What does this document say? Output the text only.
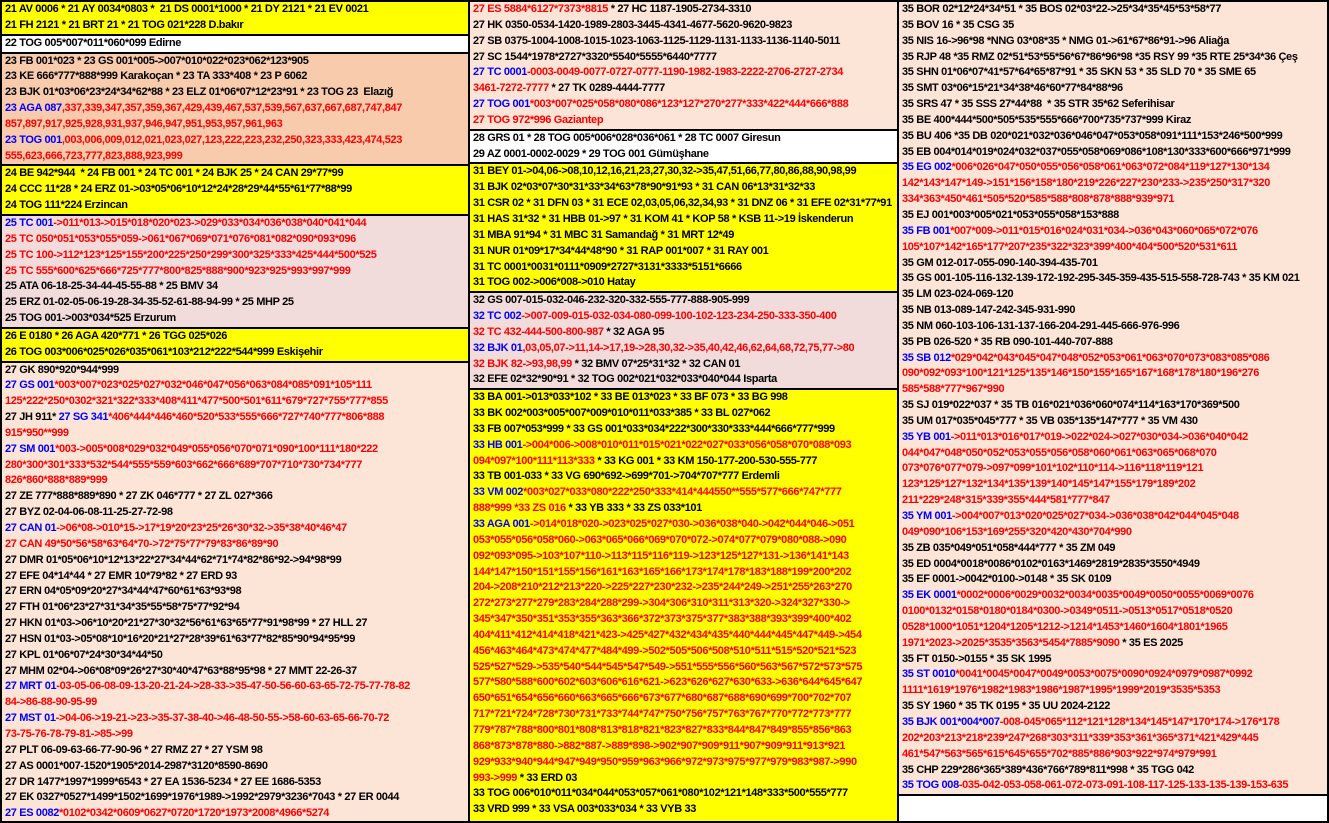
21 AV 0006 * 21 AY 0034*0803 *  21 DS 0001*1000 * 21 DY 2121 * 21 EV 0021
21 FH 2121 * 21 BRT 21 * 21 TOG 021*228 D.bakır
22 TOG 005*007*011*060*099 Edirne
23 FB 001*023 * 23 GS 001*005->007*010*022*023*062*123*905
23 KE 666*777*888*999 Karakoçan * 23 TA 333*408 * 23 P 6062
23 BJK 01*03*06*23*24*34*62*88 * 23 ELZ 01*06*07*12*23*91 * 23 TOG 23  Elazığ
23 AGA 087,337,339,347,357,359,367,429,439,467,537,539,567,637,667,687,747,847
857,897,917,925,928,931,937,946,947,951,953,957,961,963
23 TOG 001,003,006,009,012,021,023,027,123,222,223,232,250,323,333,423,474,523
555,623,666,723,777,823,888,923,999
24 BE 942*944  * 24 FB 001 * 24 TC 001 * 24 BJK 25 * 24 CAN 29*77*99
24 CCC 11*28 * 24 ERZ 01->03*05*06*10*12*24*28*29*44*55*61*77*88*99
24 TOG 111*224 Erzincan
25 TC 001->011*013->015*018*020*023->029*033*034*036*038*040*041*044
25 TC 050*051*053*055*059->061*067*069*071*076*081*082*090*093*096
25 TC 100->112*123*125*155*200*225*250*299*300*325*333*425*444*500*525
25 TC 555*600*625*666*725*777*800*825*888*900*923*925*993*997*999
25 ATA 06-18-25-34-44-45-55-88 * 25 BMV 34
25 ERZ 01-02-05-06-19-28-34-35-52-61-88-94-99 * 25 MHP 25
25 TOG 001->003*034*525 Erzurum
26 E 0180 * 26 AGA 420*771 * 26 TGG 025*026
26 TOG 003*006*025*026*035*061*103*212*222*544*999 Eskişehir
27 GK 890*920*944*999
27 GS 001*003*007*023*025*027*032*046*047*056*063*084*085*091*105*111
125*222*250*0302*321*322*333*408*411*477*500*501*611*679*727*755*777*855
27 JH 911* 27 SG 341*406*444*446*460*520*533*555*666*727*740*777*806*888
915*950**999
27 SM 001*003->005*008*029*032*049*055*056*070*071*090*100*111*180*222
280*300*301*333*532*544*555*559*603*662*666*689*707*710*730*734*777
826*860*888*889*999
27 ZE 777*888*889*890 * 27 ZK 046*777 * 27 ZL 027*366
27 BYZ 02-04-06-08-11-25-27-72-98
27 CAN 01->06*08->010*15->17*19*20*23*25*26*30*32->35*38*40*46*47
27 CAN 49*50*56*58*63*64*70->72*75*77*79*83*86*89*90
27 DMR 01*05*06*10*12*13*22*27*34*44*62*71*74*82*86*92->94*98*99
27 EFE 04*14*44 * 27 EMR 10*79*82 * 27 ERD 93
27 ERN 04*05*09*20*27*34*44*47*60*61*63*93*98
27 FTH 01*06*23*27*31*34*35*55*58*75*77*92*94
27 HKN 01*03->06*10*20*21*27*30*32*56*61*63*65*77*91*98*99 * 27 HLL 27
27 HSN 01*03->05*08*10*16*20*21*27*28*39*61*63*77*82*85*90*94*95*99
27 KPL 01*06*07*24*30*34*44*50
27 MHM 02*04->06*08*09*26*27*30*40*47*63*88*95*98 * 27 MMT 22-26-37
27 MRT 01-03-05-06-08-09-13-20-21-24->28-33->35-47-50-56-60-63-65-72-75-77-78-82
84->86-88-90-95-99
27 MST 01->04-06->19-21->23->35-37-38-40->46-48-50-55->58-60-63-65-66-70-72
73-75-76-78-79-81->85->99
27 PLT 06-09-63-66-77-90-96 * 27 RMZ 27 * 27 YSM 98
27 AS 0001*007-1520*1905*2014-2987*3120*8590-8690
27 DR 1477*1997*1999*6543 * 27 EA 1536-5234 * 27 EE 1686-5353
27 EK 0327*0527*1499*1502*1699*1976*1989->1992*2979*3236*7043 * 27 ER 0044
27 ES 0082*0102*0342*0609*0627*0720*1720*1973*2008*4966*5274
27 ES 5884*6127*7373*8815 * 27 HC 1187-1905-2734-3310
27 HK 0350-0534-1420-1989-2803-3445-4341-4677-5620-9620-9823
27 SB 0375-1004-1008-1015-1023-1063-1125-1129-1131-1133-1136-1140-5011
27 SC 1544*1978*2727*3320*5540*5555*6440*7777
27 TC 0001-0003-0049-0077-0727-0777-1190-1982-1983-2222-2706-2727-2734
3461-7272-7777 * 27 TK 0289-4444-7777
27 TOG 001*003*007*025*058*080*086*123*127*270*277*333*422*444*666*888
27 TOG 972*996 Gaziantep
28 GRS 01 * 28 TOG 005*006*028*036*061 * 28 TC 0007 Giresun
29 AZ 0001-0002-0029 * 29 TOG 001 Gümüşhane
31 BEY 01->04,06->08,10,12,16,21,23,27,30,32->35,47,51,66,77,80,86,88,90,98,99
31 BJK 02*03*07*30*31*33*34*63*78*90*91*93 * 31 CAN 06*13*31*32*33
31 CSR 02 * 31 DFN 03 * 31 ECE 02,03,05,06,32,34,93 * 31 DNZ 06 * 31 EFE 02*31*77*91
31 HAS 31*32 * 31 HBB 01->97 * 31 KOM 41 * KOP 58 * KSB 11->19 İskenderun
31 MBA 91*94 * 31 MBC 31 Samandağ * 31 MRT 12*49
31 NUR 01*09*17*34*44*48*90 * 31 RAP 001*007 * 31 RAY 001
31 TC 0001*0031*0111*0909*2727*3131*3333*5151*6666
31 TOG 002->006*008->010 Hatay
32 GS 007-015-032-046-232-320-332-555-777-888-905-999
32 TC 002->007-009-015-032-034-080-099-100-102-123-234-250-333-350-400
32 TC 432-444-500-800-987 * 32 AGA 95
32 BJK 01,03,05,07->11,14->17,19->28,30,32->35,40,42,46,62,64,68,72,75,77->80
32 BJK 82->93,98,99 * 32 BMV 07*25*31*32 * 32 CAN 01
32 EFE 02*32*90*91 * 32 TOG 002*021*032*033*040*044 Isparta
33 BA 001->013*033*102 * 33 BE 013*023 * 33 BF 073 * 33 BG 998
33 BK 002*003*005*007*009*010*011*033*385 * 33 BL 027*062
33 FB 007*053*999 * 33 GS 001*033*034*222*300*330*333*444*666*777*999
33 HB 001->004*006->008*010*011*015*021*022*027*033*056*058*070*088*093
094*097*100*111*113*333 * 33 KG 001 * 33 KM 150-177-200-530-555-777
33 TB 001-033 * 33 VG 690*692->699*701->704*707*777 Erdemli
33 VM 002*003*027*033*080*222*250*333*414*444550**555*577*666*747*777
888*999 *33 ZS 016 * 33 YB 333 * 33 ZS 033*101
33 AGA 001->014*018*020->023*025*027*030->036*038*040->042*044*046->051
053*055*056*058*060->063*065*066*069*070*072->074*077*079*080*088->090
092*093*095->103*107*110->113*115*116*119->123*125*127*131->136*141*143
144*147*150*151*155*156*161*163*165*166*173*174*178*183*188*199*200*202
204->208*210*212*213*220->225*227*230*232->235*244*249->251*255*263*270
272*273*277*279*283*284*288*299->304*306*310*311*313*320->324*327*330->
345*347*350*351*353*355*363*366*372*373*375*377*383*388*393*399*400*402
404*411*412*414*418*421*423->425*427*432*434*435*440*444*445*447*449->454
456*463*464*473*474*477*484*499->502*505*506*508*510*511*515*520*521*523
525*527*529->535*540*544*545*547*549->551*555*556*560*563*567*572*573*575
577*580*588*600*602*603*606*616*621->623*626*627*630*633->636*644*645*647
650*651*654*656*660*663*665*666*673*677*680*687*688*690*699*700*702*707
717*721*724*728*730*731*733*744*747*750*756*757*763*767*770*772*773*777
779*787*788*800*801*808*813*818*821*823*827*833*844*847*849*855*856*863
868*873*878*880->882*887->889*898->902*907*909*911*907*909*911*913*921
929*933*940*944*947*949*950*959*963*966*972*973*975*977*979*983*987->990
993->999 * 33 ERD 03
33 TOG 006*010*011*034*044*053*057*061*080*102*121*148*333*500*555*777
33 VRD 999 * 33 VSA 003*033*034 * 33 VYB 33
35 BOR 02*12*24*34*51 * 35 BOS 02*03*22->25*34*35*45*53*58*77
35 BOV 16 * 35 CSG 35
35 NIS 16->96*98 *NNG 03*08*35 * NMG 01->61*67*86*91->96 Aliağa
35 RJP 48 *35 RMZ 02*51*53*55*56*67*86*96*98 *35 RSY 99 *35 RTE 25*34*36 Çeş
35 SHN 01*06*07*41*57*64*65*87*91 * 35 SKN 53 * 35 SLD 70 * 35 SME 65
35 SMT 03*06*15*21*34*38*46*60*77*84*88*96
35 SRS 47 * 35 SSS 27*44*88  * 35 STR 35*62 Seferihisar
35 BE 400*444*500*505*535*555*666*700*735*737*999 Kiraz
35 BU 406 *35 DB 020*021*032*036*046*047*053*058*091*111*153*246*500*999
35 EB 004*014*019*024*032*037*055*058*069*086*108*130*333*600*666*971*999
35 EG 002*006*026*047*050*055*056*058*061*063*072*084*119*127*130*134
142*143*147*149->151*156*158*180*219*226*227*230*233->235*250*317*320
334*363*450*461*505*520*585*588*808*878*888*939*971
35 EJ 001*003*005*021*053*055*058*153*888
35 FB 001*007*009->011*015*016*024*031*034->036*043*060*065*072*076
105*107*142*165*177*207*235*322*323*399*400*404*500*520*531*611
35 GM 012-017-055-090-140-394-435-701
35 GS 001-105-116-132-139-172-192-295-345-359-435-515-558-728-743 * 35 KM 021
35 LM 023-024-069-120
35 NB 013-089-147-242-345-931-990
35 NM 060-103-106-131-137-166-204-291-445-666-976-996
35 PB 026-520 * 35 RB 090-101-440-707-888
35 SB 012*029*042*043*045*047*048*052*053*061*063*070*073*083*085*086
090*092*093*100*121*125*135*146*150*155*165*167*168*178*180*196*276
585*588*777*967*990
35 SJ 019*022*037 * 35 TB 016*021*036*060*074*114*163*170*369*500
35 UM 017*035*045*777 * 35 VB 035*135*147*777 * 35 VM 430
35 YB 001->011*013*016*017*019->022*024->027*030*034->036*040*042
044*047*048*050*052*053*055*056*058*060*061*063*065*068*070
073*076*077*079->097*099*101*102*110*114->116*118*119*121
123*125*127*132*134*135*139*140*145*147*155*179*189*202
211*229*248*315*339*355*444*581*777*847
35 YM 001->004*007*013*020*025*027*034->036*038*042*044*045*048
049*090*106*153*169*255*320*420*430*704*990
35 ZB 035*049*051*058*444*777 * 35 ZM 049
35 ED 0004*0018*0086*0102*0163*1469*2819*2835*3550*4949
35 EF 0001->0042*0100->0148 * 35 SK 0109
35 EK 0001*0002*0006*0029*0032*0034*0035*0049*0050*0055*0069*0076
0100*0132*0158*0180*0184*0300->0349*0511->0513*0517*0518*0520
0528*1000*1051*1204*1205*1212->1214*1453*1460*1604*1801*1965
1971*2023->2025*3535*3563*5454*7885*9090 * 35 ES 2025
35 FT 0150->0155 * 35 SK 1995
35 ST 0010*0041*0045*0047*0049*0053*0075*0090*0924*0979*0987*0992
1111*1619*1976*1982*1983*1986*1987*1995*1999*2019*3535*5353
35 SY 1960 * 35 TK 0195 * 35 UU 2024-2122
35 BJK 001*004*007-008-045*065*112*121*128*134*145*147*170*174->176*178
202*203*213*218*239*247*268*303*311*339*353*361*365*371*421*429*445
461*547*563*565*615*645*655*702*885*886*903*922*974*979*991
35 CHP 229*286*365*389*436*766*789*811*998 * 35 TGG 042
35 TOG 008-035-042-053-058-061-072-073-091-108-117-125-133-135-139-153-635
